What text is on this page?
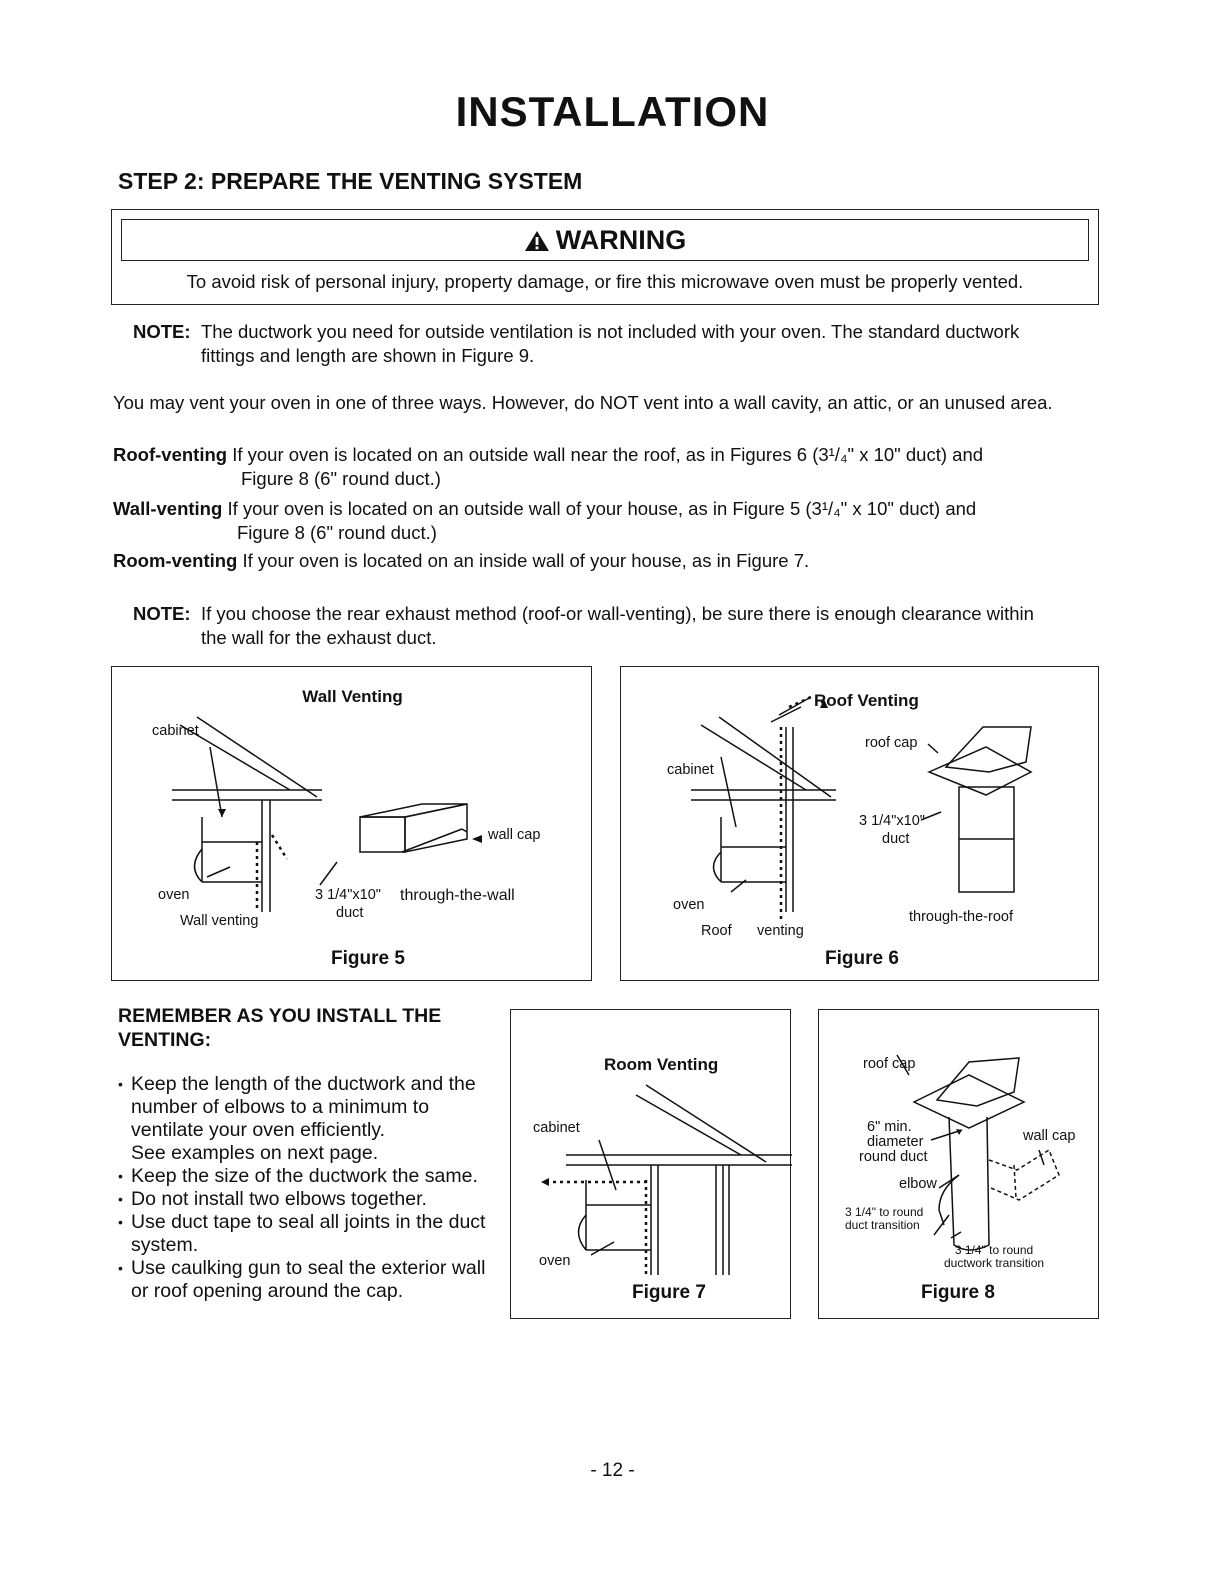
INSTALLATION
STEP 2: PREPARE THE VENTING SYSTEM
WARNING
To avoid risk of personal injury, property damage, or fire this microwave oven must be properly vented.
NOTE: The ductwork you need for outside ventilation is not included with your oven. The standard ductwork
fittings and length are shown in Figure 9.
You may vent your oven in one of three ways. However, do NOT vent into a wall cavity, an attic, or an unused area.
Roof-venting If your oven is located on an outside wall near the roof, as in Figures 6 (3¹/₄" x 10" duct) and
Figure 8 (6" round duct.)
Wall-venting If your oven is located on an outside wall of your house, as in Figure 5 (3¹/₄" x 10" duct) and
Figure 8 (6" round duct.)
Room-venting If your oven is located on an inside wall of your house, as in Figure 7.
NOTE: If you choose the rear exhaust method (roof-or wall-venting), be sure there is enough clearance within
the wall for the exhaust duct.
Wall Venting
cabinet
oven
Wall venting
wall cap
3 1/4"x10"
duct
through-the-wall
Figure 5
Roof Venting
cabinet
oven
Roof venting
roof cap
3 1/4"x10"
duct
through-the-roof
Figure 6
REMEMBER AS YOU INSTALL THE
VENTING:
• Keep the length of the ductwork and the
number of elbows to a minimum to
ventilate your oven efficiently.
See examples on next page.
• Keep the size of the ductwork the same.
• Do not install two elbows together.
• Use duct tape to seal all joints in the duct
system.
• Use caulking gun to seal the exterior wall
or roof opening around the cap.
Room Venting
cabinet
oven
Figure 7
roof cap
6" min.
diameter
round duct
elbow
wall cap
3 1/4" to round
duct transition
3 1/4" to round
ductwork transition
Figure 8
- 12 -
